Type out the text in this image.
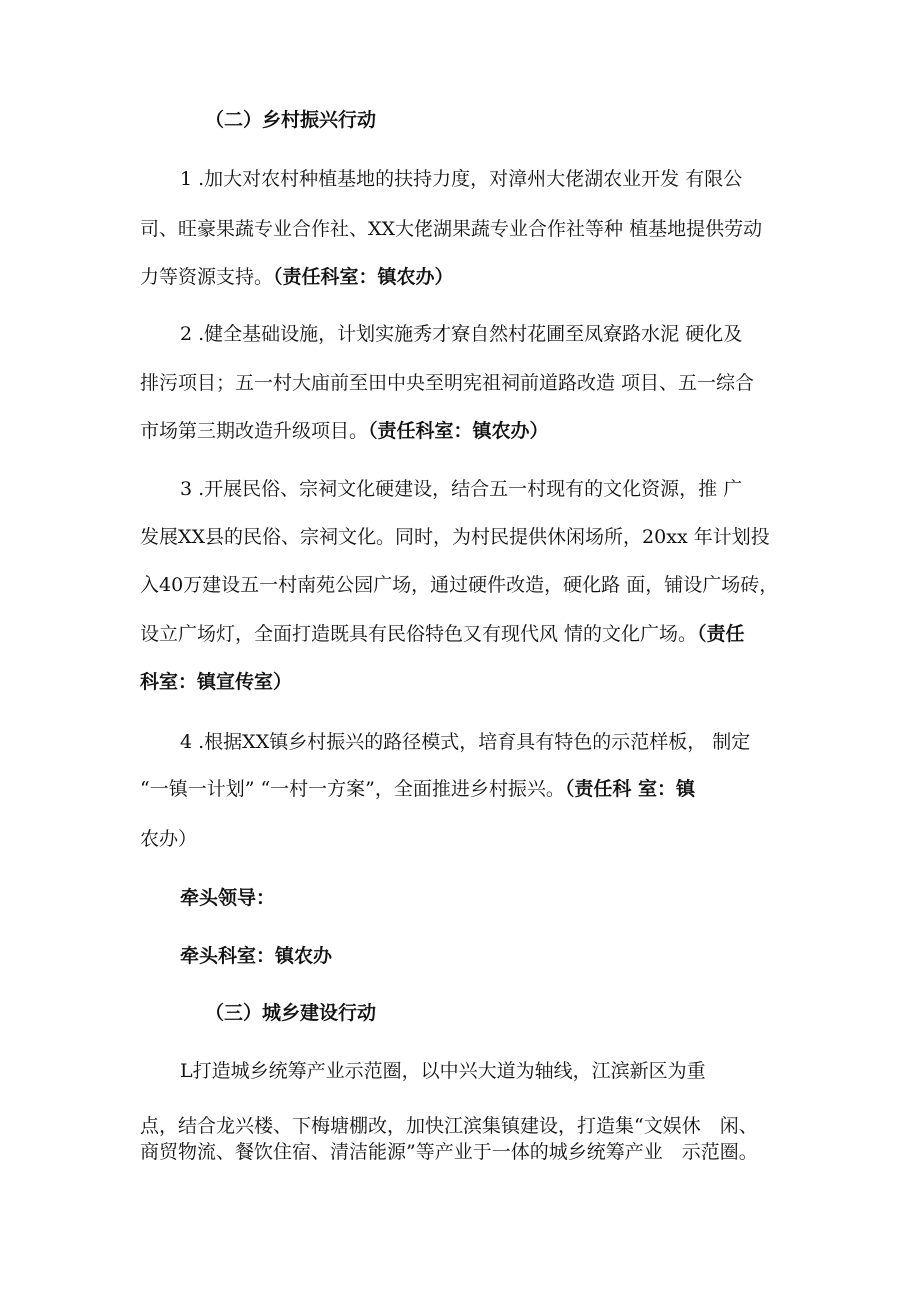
（二）乡村振兴行动
1 .加大对农村种植基地的扶持力度，对漳州大佬湖农业开发 有限公
司、旺豪果蔬专业合作社、XX大佬湖果蔬专业合作社等种 植基地提供劳动
力等资源支持。（责任科室：镇农办）
2 .健全基础设施，计划实施秀才寮自然村花圃至凤寮路水泥 硬化及
排污项目；五一村大庙前至田中央至明宪祖祠前道路改造 项目、五一综合
市场第三期改造升级项目。（责任科室：镇农办）
3 .开展民俗、宗祠文化硬建设，结合五一村现有的文化资源，推 广
发展XX县的民俗、宗祠文化。同时，为村民提供休闲场所，20xx 年计划投
入40万建设五一村南苑公园广场，通过硬件改造，硬化路 面，铺设广场砖，
设立广场灯，全面打造既具有民俗特色又有现代风 情的文化广场。（责任
科室：镇宣传室）
4 .根据XX镇乡村振兴的路径模式，培育具有特色的示范样板， 制定
“一镇一计划” “一村一方案”，全面推进乡村振兴。（责任科 室：镇
农办）
牵头领导：
牵头科室：镇农办
（三）城乡建设行动
L打造城乡统筹产业示范圈，以中兴大道为轴线，江滨新区为重
点，结合龙兴楼、下梅塘棚改，加快江滨集镇建设，打造集“文娱休　闲、
商贸物流、餐饮住宿、清洁能源”等产业于一体的城乡统筹产业　示范圈。
